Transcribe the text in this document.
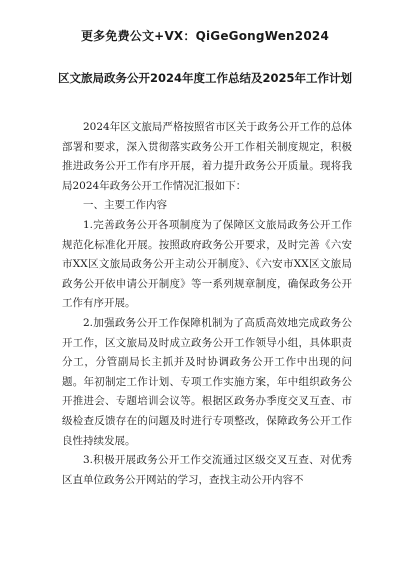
更多免费公文+VX：QiGeGongWen2024
区文旅局政务公开2024年度工作总结及2025年工作计划

2024年区文旅局严格按照省市区关于政务公开工作的总体部署和要求，深入贯彻落实政务公开工作相关制度规定，积极推进政务公开工作有序开展，着力提升政务公开质量。现将我局2024年政务公开工作情况汇报如下：

一、主要工作内容

1.完善政务公开各项制度为了保障区文旅局政务公开工作规范化标准化开展。按照政府政务公开要求，及时完善《六安市XX区文旅局政务公开主动公开制度》、《六安市XX区文旅局政务公开依申请公开制度》等一系列规章制度，确保政务公开工作有序开展。

2.加强政务公开工作保障机制为了高质高效地完成政务公开工作，区文旅局及时成立政务公开工作领导小组，具体职责分工，分管副局长主抓并及时协调政务公开工作中出现的问题。年初制定工作计划、专项工作实施方案，年中组织政务公开推进会、专题培训会议等。根据区政务办季度交叉互查、市级检查反馈存在的问题及时进行专项整改，保障政务公开工作良性持续发展。

3.积极开展政务公开工作交流通过区级交叉互查、对优秀区直单位政务公开网站的学习，查找主动公开内容不
